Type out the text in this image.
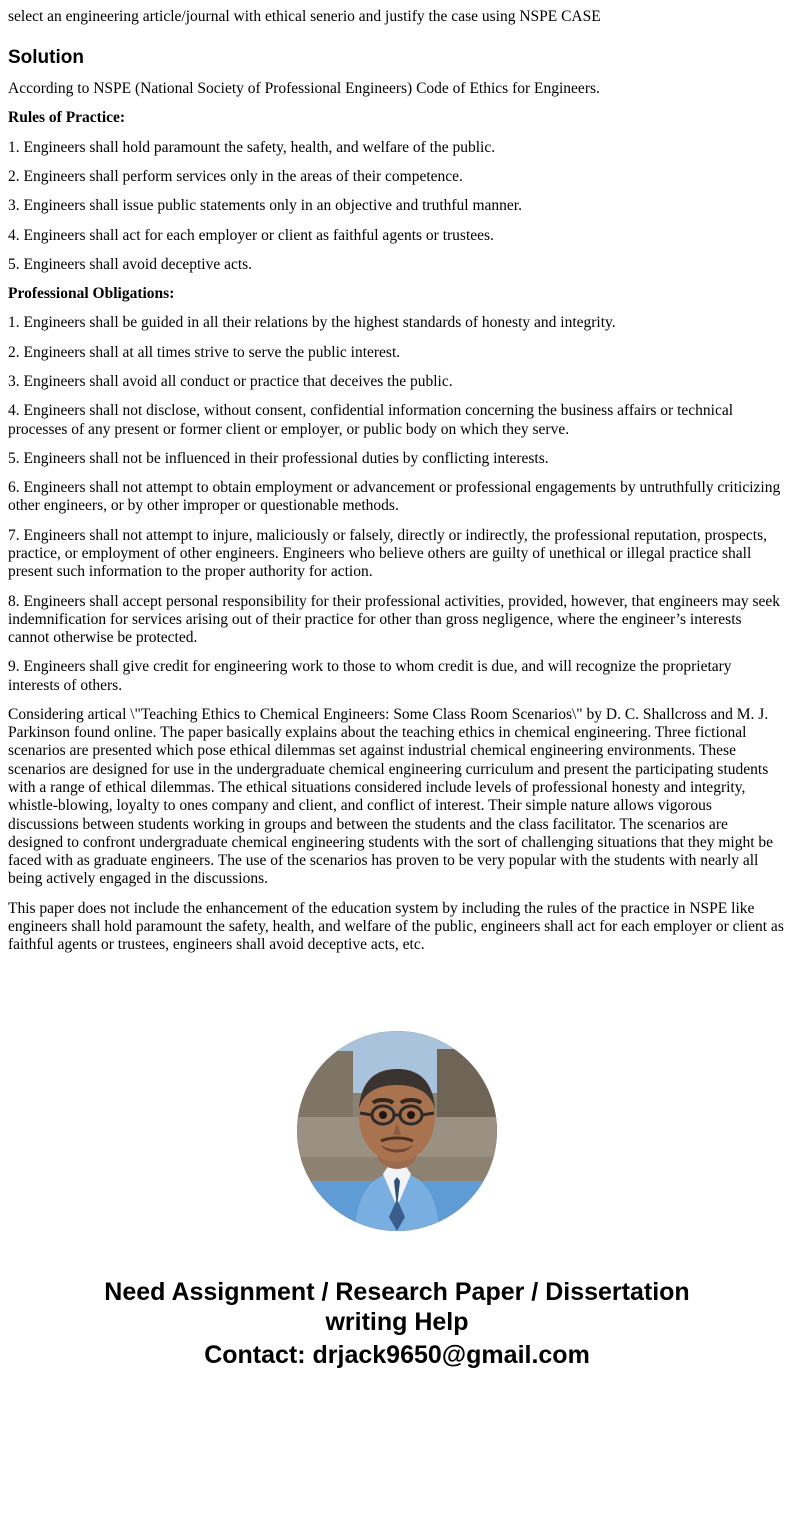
select an engineering article/journal with ethical senerio and justify the case using NSPE CASE

Solution

According to NSPE (National Society of Professional Engineers) Code of Ethics for Engineers.

Rules of Practice:

1. Engineers shall hold paramount the safety, health, and welfare of the public.

2. Engineers shall perform services only in the areas of their competence.

3. Engineers shall issue public statements only in an objective and truthful manner.

4. Engineers shall act for each employer or client as faithful agents or trustees.

5. Engineers shall avoid deceptive acts.

Professional Obligations:

1. Engineers shall be guided in all their relations by the highest standards of honesty and integrity.

2. Engineers shall at all times strive to serve the public interest.

3. Engineers shall avoid all conduct or practice that deceives the public.

4. Engineers shall not disclose, without consent, confidential information concerning the business affairs or technical processes of any present or former client or employer, or public body on which they serve.

5. Engineers shall not be influenced in their professional duties by conflicting interests.

6. Engineers shall not attempt to obtain employment or advancement or professional engagements by untruthfully criticizing other engineers, or by other improper or questionable methods.

7. Engineers shall not attempt to injure, maliciously or falsely, directly or indirectly, the professional reputation, prospects, practice, or employment of other engineers. Engineers who believe others are guilty of unethical or illegal practice shall present such information to the proper authority for action.

8. Engineers shall accept personal responsibility for their professional activities, provided, however, that engineers may seek indemnification for services arising out of their practice for other than gross negligence, where the engineer’s interests cannot otherwise be protected.

9. Engineers shall give credit for engineering work to those to whom credit is due, and will recognize the proprietary interests of others.

Considering artical \"Teaching Ethics to Chemical Engineers: Some Class Room Scenarios\" by D. C. Shallcross and M. J. Parkinson found online. The paper basically explains about the teaching ethics in chemical engineering. Three fictional scenarios are presented which pose ethical dilemmas set against industrial chemical engineering environments. These scenarios are designed for use in the undergraduate chemical engineering curriculum and present the participating students with a range of ethical dilemmas. The ethical situations considered include levels of professional honesty and integrity, whistle-blowing, loyalty to ones company and client, and conflict of interest. Their simple nature allows vigorous discussions between students working in groups and between the students and the class facilitator. The scenarios are designed to confront undergraduate chemical engineering students with the sort of challenging situations that they might be faced with as graduate engineers. The use of the scenarios has proven to be very popular with the students with nearly all being actively engaged in the discussions.

This paper does not include the enhancement of the education system by including the rules of the practice in NSPE like engineers shall hold paramount the safety, health, and welfare of the public, engineers shall act for each employer or client as faithful agents or trustees, engineers shall avoid deceptive acts, etc.

Need Assignment / Research Paper / Dissertation
writing Help
Contact: drjack9650@gmail.com
